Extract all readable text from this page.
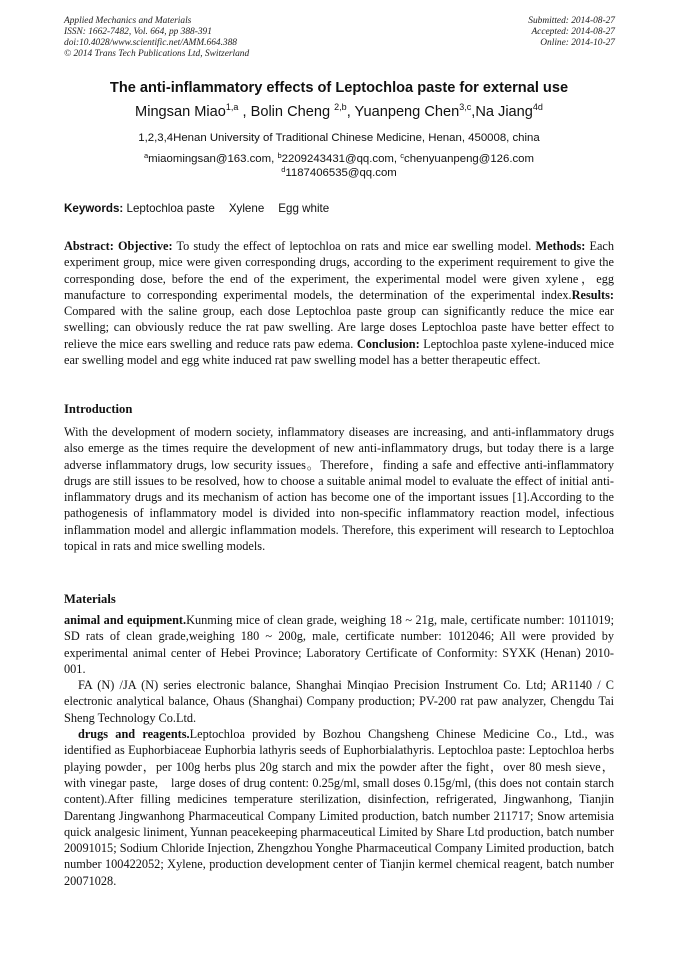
Applied Mechanics and Materials
ISSN: 1662-7482, Vol. 664, pp 388-391
doi:10.4028/www.scientific.net/AMM.664.388
© 2014 Trans Tech Publications Ltd, Switzerland
Submitted: 2014-08-27
Accepted: 2014-08-27
Online: 2014-10-27
The anti-inflammatory effects of Leptochloa paste for external use
Mingsan Miao$^{1,a}$ , Bolin Cheng $^{2,b}$, Yuanpeng Chen$^{3,c}$,Na Jiang$^{4d}$
1,2,3,4Henan University of Traditional Chinese Medicine, Henan, 450008, china
$^a$miaomingsan@163.com, $^b$2209243431@qq.com, $^c$chenyuanpeng@126.com
$^d$1187406535@qq.com
Keywords: Leptochloa paste Xylene Egg white

Abstract: Objective: To study the effect of leptochloa on rats and mice ear swelling model. Methods: Each experiment group, mice were given corresponding drugs, according to the experiment requirement to give the corresponding dose, before the end of the experiment, the experimental model were given xylene，egg manufacture to corresponding experimental models, the determination of the experimental index.Results: Compared with the saline group, each dose Leptochloa paste group can significantly reduce the mice ear swelling; can obviously reduce the rat paw swelling. Are large doses Leptochloa paste have better effect to relieve the mice ears swelling and reduce rats paw edema. Conclusion: Leptochloa paste xylene-induced mice ear swelling model and egg white induced rat paw swelling model has a better therapeutic effect.

Introduction

With the development of modern society, inflammatory diseases are increasing, and anti-inflammatory drugs also emerge as the times require the development of new anti-inflammatory drugs, but today there is a large adverse inflammatory drugs, low security issues。Therefore，finding a safe and effective anti-inflammatory drugs are still issues to be resolved, how to choose a suitable animal model to evaluate the effect of initial anti-inflammatory drugs and its mechanism of action has become one of the important issues [1].According to the pathogenesis of inflammatory model is divided into non-specific inflammatory reaction model, infectious inflammation model and allergic inflammation models. Therefore, this experiment will research to Leptochloa topical in rats and mice swelling models.

Materials

animal and equipment.Kunming mice of clean grade, weighing 18 ~ 21g, male, certificate number: 1011019; SD rats of clean grade,weighing 180 ~ 200g, male, certificate number: 1012046; All were provided by experimental animal center of Hebei Province; Laboratory Certificate of Conformity: SYXK (Henan) 2010-001.

FA (N) /JA (N) series electronic balance, Shanghai Minqiao Precision Instrument Co. Ltd; AR1140 / C electronic analytical balance, Ohaus (Shanghai) Company production; PV-200 rat paw analyzer, Chengdu Tai Sheng Technology Co.Ltd.

drugs and reagents.Leptochloa provided by Bozhou Changsheng Chinese Medicine Co., Ltd., was identified as Euphorbiaceae Euphorbia lathyris seeds of Euphorbialathyris. Leptochloa paste: Leptochloa herbs playing powder，per 100g herbs plus 20g starch and mix the powder after the fight，over 80 mesh sieve，with vinegar paste,　large doses of drug content: 0.25g/ml, small doses 0.15g/ml, (this does not contain starch content).After filling medicines temperature sterilization, disinfection, refrigerated, Jingwanhong, Tianjin Darentang Jingwanhong Pharmaceutical Company Limited production, batch number 211717; Snow artemisia quick analgesic liniment, Yunnan peacekeeping pharmaceutical Limited by Share Ltd production, batch number 20091015; Sodium Chloride Injection, Zhengzhou Yonghe Pharmaceutical Company Limited production, batch number 100422052; Xylene, production development center of Tianjin kermel chemical reagent, batch number 20071028.
